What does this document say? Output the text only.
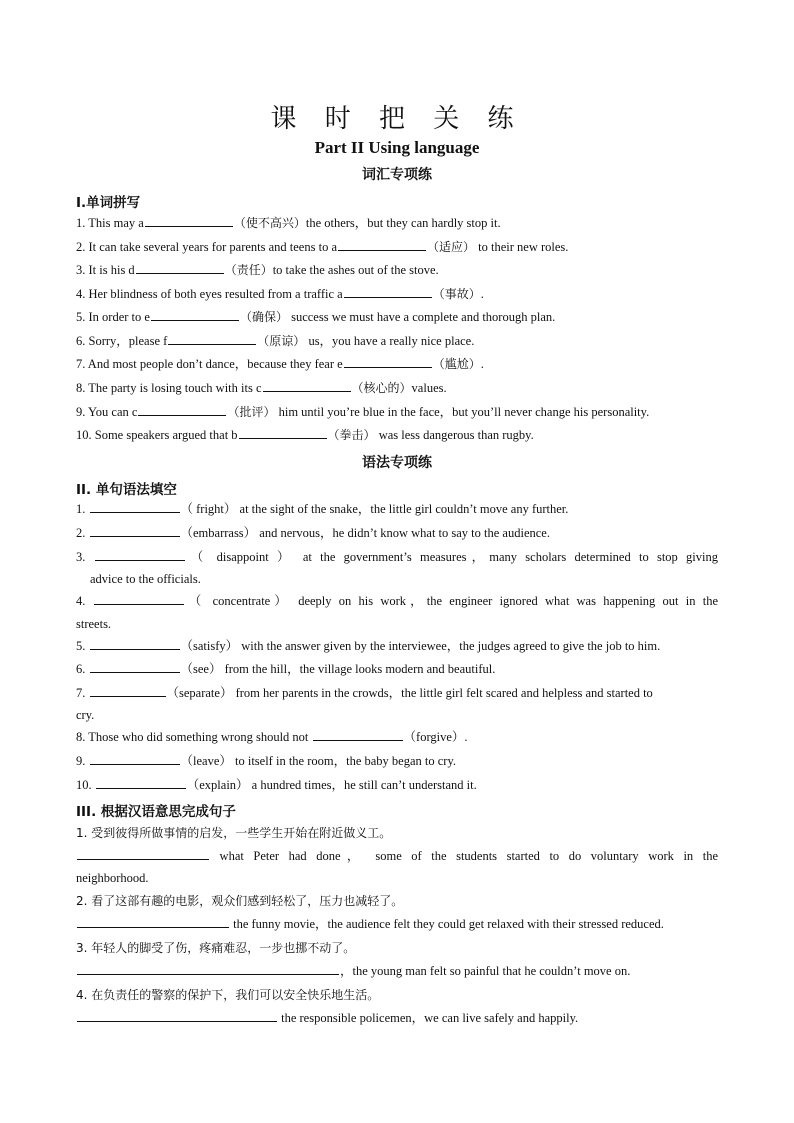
课 时 把 关 练
Part II Using language
词汇专项练
Ⅰ.单词拼写
1. This may a	（使不高兴）the others，but they can hardly stop it.
2. It can take several years for parents and teens to a	（适应） to their new roles.
3. It is his d	（责任）to take the ashes out of the stove.
4. Her blindness of both eyes resulted from a traffic a	（事故）.
5. In order to e	（确保） success we must have a complete and thorough plan.
6. Sorry，please f	（原谅） us，you have a really nice place.
7. And most people don’t dance，because they fear e	（尴尬）.
8. The party is losing touch with its c	（核心的）values.
9. You can c	（批评） him until you’re blue in the face，but you’ll never change his personality.
10. Some speakers argued that b	（拳击） was less dangerous than rugby.
语法专项练
II. 单句语法填空
1.	（ fright） at the sight of the snake，the little girl couldn’t move any further.
2.	（embarrass） and nervous，he didn’t know what to say to the audience.
3.	（ disappoint ） at the government’s measures，many scholars determined to stop giving
advice to the officials.
4.	（ concentrate） deeply on his work，the engineer ignored what was happening out in the
streets.
5.	（satisfy） with the answer given by the interviewee，the judges agreed to give the job to him.
6.	（see） from the hill，the village looks modern and beautiful.
7.	（separate） from her parents in the crowds，the little girl felt scared and helpless and started to
cry.
8. Those who did something wrong should not	（forgive）.
9.	（leave） to itself in the room，the baby began to cry.
10.	（explain） a hundred times，he still can’t understand it.
III. 根据汉语意思完成句子
1. 受到彼得所做事情的启发，一些学生开始在附近做义工。
what Peter had done， some of the students started to do voluntary work in the
neighborhood.
2. 看了这部有趣的电影，观众们感到轻松了，压力也减轻了。
the funny movie，the audience felt they could get relaxed with their stressed reduced.
3. 年轻人的脚受了伤，疼痛难忍，一步也挪不动了。
，the young man felt so painful that he couldn’t move on.
4. 在负责任的警察的保护下，我们可以安全快乐地生活。
the responsible policemen，we can live safely and happily.
